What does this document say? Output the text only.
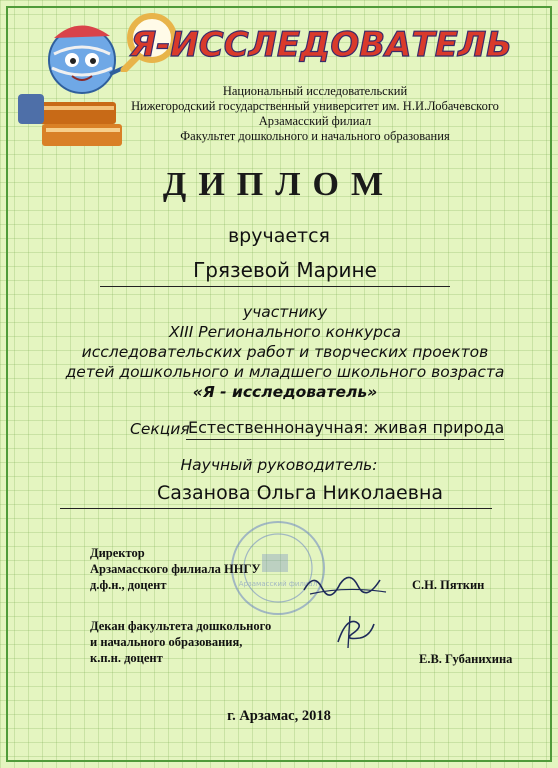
Я-ИССЛЕДОВАТЕЛЬ
Национальный исследовательский
Нижегородский государственный университет им. Н.И.Лобачевского
Арзамасский филиал
Факультет дошкольного и начального образования
ДИПЛОМ
вручается
Грязевой Марине
участнику
XIII Регионального конкурса
исследовательских работ и творческих проектов
детей дошкольного и младшего школьного возраста
«Я - исследователь»
Секция
Естественнонаучная: живая природа
Научный руководитель:
Сазанова Ольга Николаевна
Арзамасский филиал
Директор
Арзамасского филиала ННГУ
д.ф.н., доцент	С.Н. Пяткин
Декан факультета дошкольного
и начального образования,
к.п.н. доцент	Е.В. Губанихина
г. Арзамас, 2018
